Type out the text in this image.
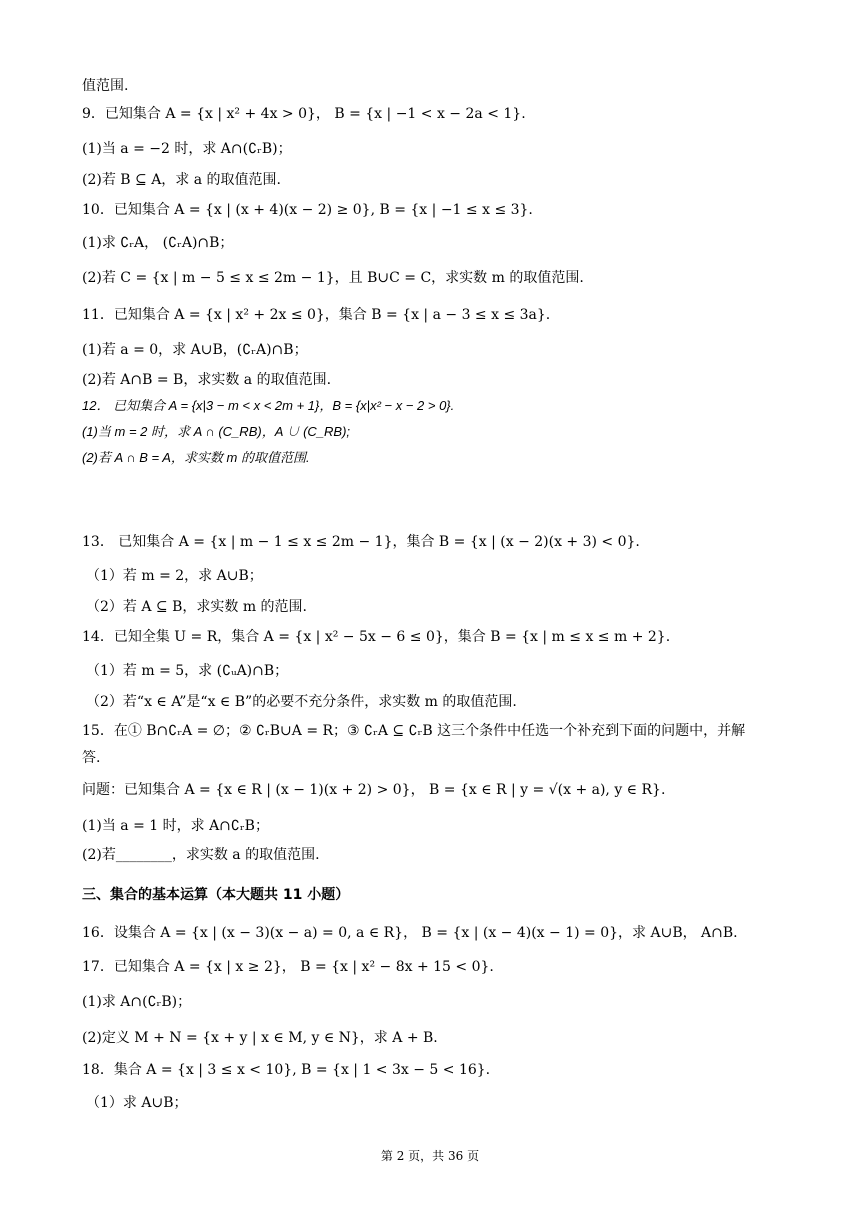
值范围.
9．已知集合 A = {x | x² + 4x > 0}， B = {x | −1 < x − 2a < 1}.
(1)当 a = −2 时，求 A∩(∁ᵣB)；
(2)若 B ⊆ A，求 a 的取值范围.
10．已知集合 A = {x | (x + 4)(x − 2) ≥ 0}, B = {x | −1 ≤ x ≤ 3}.
(1)求 ∁ᵣA， (∁ᵣA)∩B；
(2)若 C = {x | m − 5 ≤ x ≤ 2m − 1}，且 B∪C = C，求实数 m 的取值范围.
11．已知集合 A = {x | x² + 2x ≤ 0}，集合 B = {x | a − 3 ≤ x ≤ 3a}.
(1)若 a = 0，求 A∪B，(∁ᵣA)∩B；
(2)若 A∩B = B，求实数 a 的取值范围.
12． 已知集合 A = {x|3 − m < x < 2m + 1}，B = {x|x² − x − 2 > 0}.
(1)当 m = 2 时，求 A ∩ (C_RB)，A ∪ (C_RB);
(2)若 A ∩ B = A，求实数 m 的取值范围.
13． 已知集合 A = {x | m − 1 ≤ x ≤ 2m − 1}，集合 B = {x | (x − 2)(x + 3) < 0}.
（1）若 m = 2，求 A∪B；
（2）若 A ⊆ B，求实数 m 的范围.
14．已知全集 U = R，集合 A = {x | x² − 5x − 6 ≤ 0}，集合 B = {x | m ≤ x ≤ m + 2}.
（1）若 m = 5，求 (∁ᵤA)∩B；
（2）若“x ∈ A”是“x ∈ B”的必要不充分条件，求实数 m 的取值范围.
15．在① B∩∁ᵣA = ∅；② ∁ᵣB∪A = R；③ ∁ᵣA ⊆ ∁ᵣB 这三个条件中任选一个补充到下面的问题中，并解
答.
问题：已知集合 A = {x ∈ R | (x − 1)(x + 2) > 0}， B = {x ∈ R | y = √(x + a), y ∈ R}.
(1)当 a = 1 时，求 A∩∁ᵣB；
(2)若________，求实数 a 的取值范围.
三、集合的基本运算（本大题共 11 小题）
16．设集合 A = {x | (x − 3)(x − a) = 0, a ∈ R}， B = {x | (x − 4)(x − 1) = 0}，求 A∪B， A∩B.
17．已知集合 A = {x | x ≥ 2}， B = {x | x² − 8x + 15 < 0}.
(1)求 A∩(∁ᵣB)；
(2)定义 M + N = {x + y | x ∈ M, y ∈ N}，求 A + B.
18．集合 A = {x | 3 ≤ x < 10}, B = {x | 1 < 3x − 5 < 16}.
（1）求 A∪B；
第 2 页，共 36 页
